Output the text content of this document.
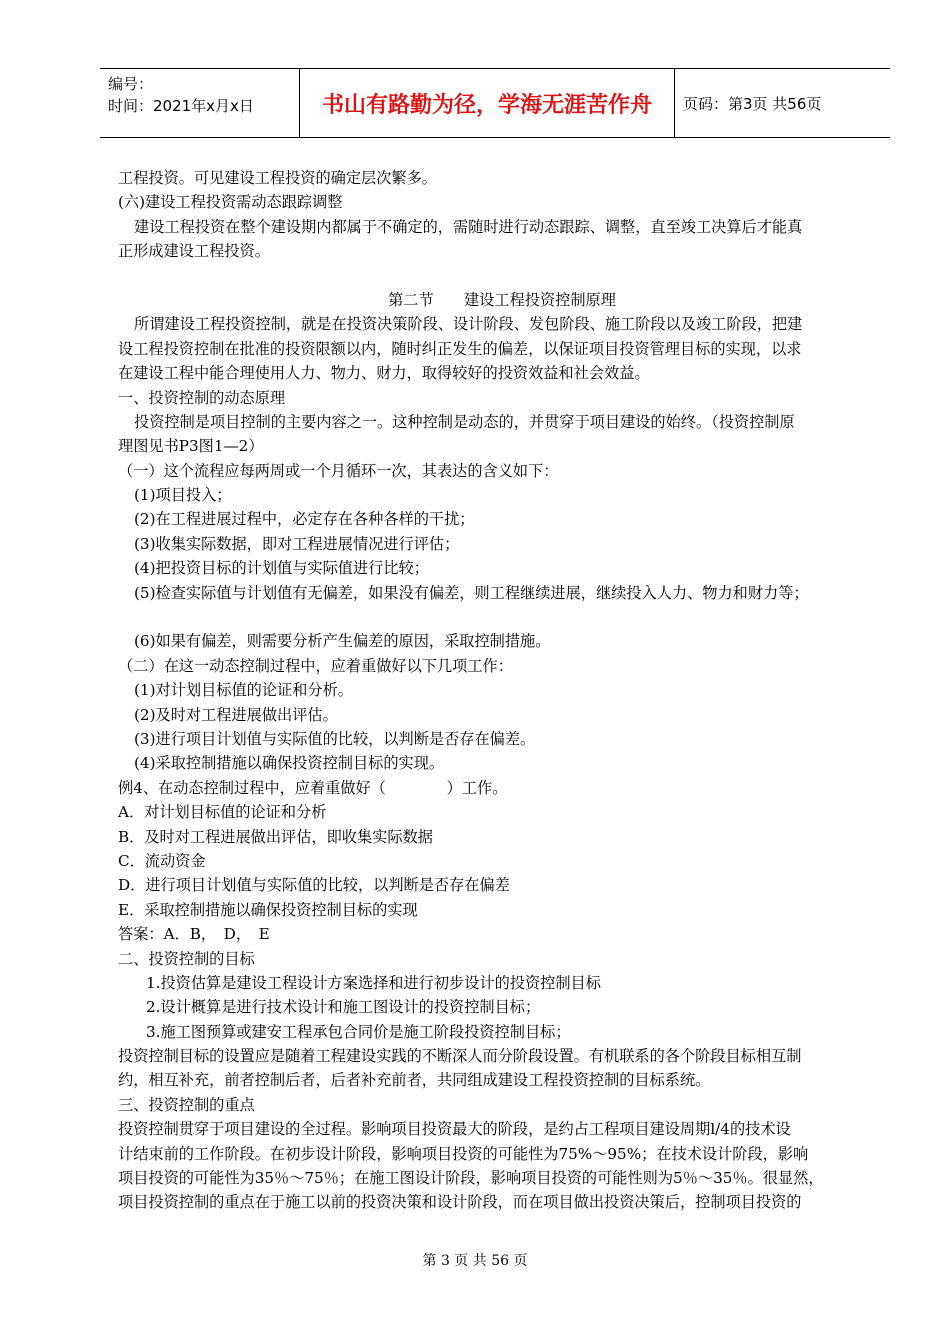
编号：
时间：2021年x月x日	书山有路勤为径，学海无涯苦作舟	页码：第3页 共56页
工程投资。可见建设工程投资的确定层次繁多。
(六)建设工程投资需动态跟踪调整
建设工程投资在整个建设期内都属于不确定的，需随时进行动态跟踪、调整，直至竣工决算后才能真
正形成建设工程投资。
第二节　　建设工程投资控制原理
所谓建设工程投资控制，就是在投资决策阶段、设计阶段、发包阶段、施工阶段以及竣工阶段，把建
设工程投资控制在批准的投资限额以内，随时纠正发生的偏差，以保证项目投资管理目标的实现，以求
在建设工程中能合理使用人力、物力、财力，取得较好的投资效益和社会效益。
一、投资控制的动态原理
投资控制是项目控制的主要内容之一。这种控制是动态的，并贯穿于项目建设的始终。（投资控制原
理图见书P3图1—2）
（一）这个流程应每两周或一个月循环一次，其表达的含义如下：
(1)项目投入；
(2)在工程进展过程中，必定存在各种各样的干扰；
(3)收集实际数据，即对工程进展情况进行评估；
(4)把投资目标的计划值与实际值进行比较；
(5)检查实际值与计划值有无偏差，如果没有偏差，则工程继续进展，继续投入人力、物力和财力等；
(6)如果有偏差，则需要分析产生偏差的原因，采取控制措施。
（二）在这一动态控制过程中，应着重做好以下几项工作：
(1)对计划目标值的论证和分析。
(2)及时对工程进展做出评估。
(3)进行项目计划值与实际值的比较，以判断是否存在偏差。
(4)采取控制措施以确保投资控制目标的实现。
例4、在动态控制过程中，应着重做好（　　　　）工作。
A．对计划目标值的论证和分析
B．及时对工程进展做出评估，即收集实际数据
C．流动资金
D．进行项目计划值与实际值的比较，以判断是否存在偏差
E．采取控制措施以确保投资控制目标的实现
答案：A．B，　D，　E
二、投资控制的目标
1.投资估算是建设工程设计方案选择和进行初步设计的投资控制目标
2.设计概算是进行技术设计和施工图设计的投资控制目标；
3.施工图预算或建安工程承包合同价是施工阶段投资控制目标；
投资控制目标的设置应是随着工程建设实践的不断深人而分阶段设置。有机联系的各个阶段目标相互制
约，相互补充，前者控制后者，后者补充前者，共同组成建设工程投资控制的目标系统。
三、投资控制的重点
投资控制贯穿于项目建设的全过程。影响项目投资最大的阶段，是约占工程项目建设周期l/4的技术设
计结束前的工作阶段。在初步设计阶段，影响项目投资的可能性为75%～95%；在技术设计阶段，影响
项目投资的可能性为35％～75％；在施工图设计阶段，影响项目投资的可能性则为5％～35％。很显然，
项目投资控制的重点在于施工以前的投资决策和设计阶段，而在项目做出投资决策后，控制项目投资的
第 3 页 共 56 页
